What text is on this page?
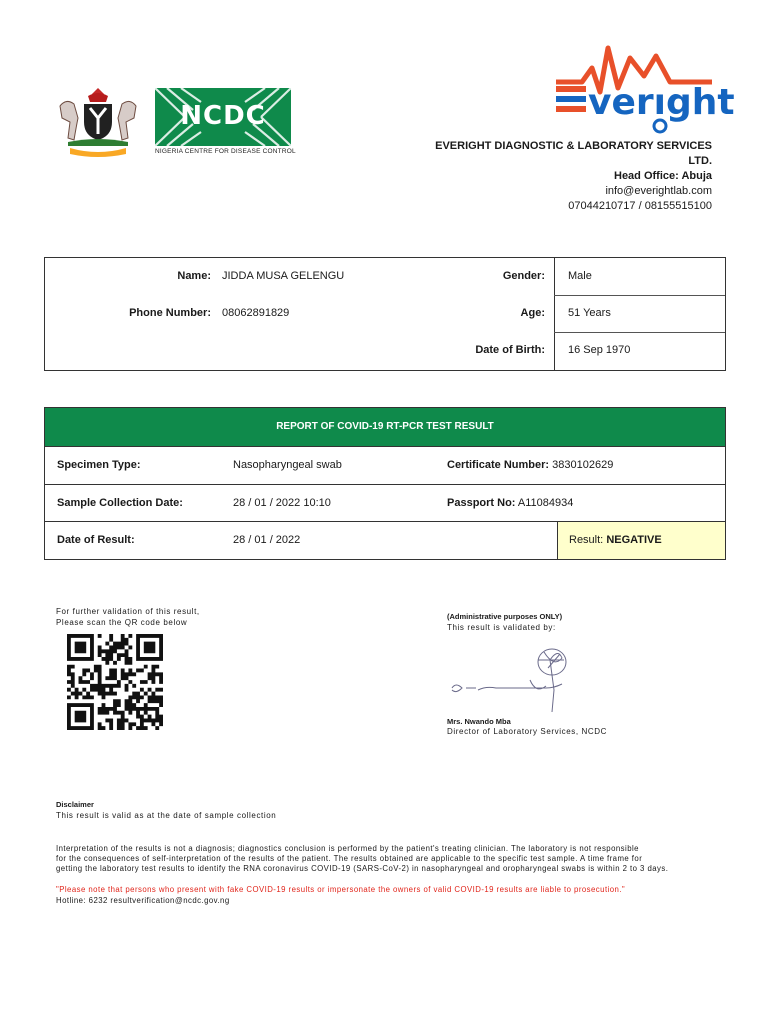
NCDC
NIGERIA CENTRE FOR DISEASE CONTROL
verıght
EVERIGHT DIAGNOSTIC & LABORATORY SERVICES
LTD.
Head Office: Abuja
info@everightlab.com
07044210717 / 08155515100
Name: JIDDA MUSA GELENGU	Gender: Male
Phone Number: 08062891829	Age: 51 Years
Date of Birth: 16 Sep 1970
REPORT OF COVID-19 RT-PCR TEST RESULT
Specimen Type:	Nasopharyngeal swab	Certificate Number: 3830102629
Sample Collection Date:	28 / 01 / 2022 10:10	Passport No: A11084934
Date of Result:	28 / 01 / 2022	Result: NEGATIVE
For further validation of this result,
Please scan the QR code below
(Administrative purposes ONLY)
This result is validated by:
Mrs. Nwando Mba
Director of Laboratory Services, NCDC
Disclaimer
This result is valid as at the date of sample collection
Interpretation of the results is not a diagnosis; diagnostics conclusion is performed by the patient's treating clinician. The laboratory is not responsible
for the consequences of self-interpretation of the results of the patient. The results obtained are applicable to the specific test sample. A time frame for
getting the laboratory test results to identify the RNA coronavirus COVID-19 (SARS-CoV-2) in nasopharyngeal and oropharyngeal swabs is within 2 to 3 days.
"Please note that persons who present with fake COVID-19 results or impersonate the owners of valid COVID-19 results are liable to prosecution."
Hotline: 6232 resultverification@ncdc.gov.ng
